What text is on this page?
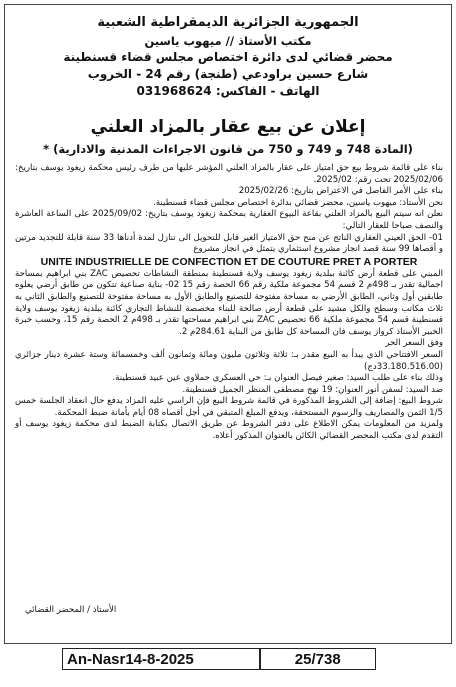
الجمهورية الجزائرية الديمقراطية الشعبية
مكتب الأستاذ // ميهوب ياسين
محضر قضائي لدى دائرة اختصاص مجلس قضاء قسنطينة
شارع حسين براودعي (طنجة) رقم 24 - الخروب
الهاتف - الفاكس: 031968624
إعلان عن بيع عقار بالمزاد العلني
(المادة 748 و 749 و 750 من قانون الاجراءات المدنية والادارية) *

بناء على قائمة شروط بيع حق امتياز على عقار بالمزاد العلني المؤشر عليها من طرف رئيس محكمة زيغود يوسف بتاريخ: 2025/02/06 تحت رقم: 2025/02.

بناء على الأمر الفاصل في الاعتراض بتاريخ: 2025/02/26

نحن الأستاذ: ميهوب ياسين، محضر قضائي بدائرة اختصاص مجلس قضاء قسنطينة.

نعلن انه سيتم البيع بالمزاد العلني بقاعة البيوع العقارية بمحكمة زيغود يوسف بتاريخ: 2025/09/02 على الساعة العاشرة والنصف صباحا للعقار التالي:

01- الحق العيني العقاري الناتج عن منح حق الامتياز الغير قابل للتحويل الى تنازل لمدة أدناها 33 سنة قابلة للتجديد مرتين و أقصاها 99 سنة قصد انجاز مشروع استثماري يتمثل في انجاز مشروع

UNITE INDUSTRIELLE DE CONFECTION ET DE COUTURE PRET A PORTER

المبني على قطعة أرض كائنة ببلدية زيغود يوسف ولاية قسنطينة بمنطقة النشاطات تحصيص ZAC بني ابراهيم بمساحة اجمالية تقدر بـ 498م 2 قسم 54 مجموعة ملكية رقم 66 الحصة رقم 15 02- بناية صناعية تتكون من طابق أرضي يعلوه طابقين أول وثاني، الطابق الأرضي به مساحة مفتوحة للتصنيع والطابق الأول به مساحة مفتوحة للتصنيع والطابق الثاني به ثلاث مكاتب وسطح والكل مشيد على قطعة أرض صالحة للبناء مخصصة للنشاط التجاري كائنة ببلدية زيغود يوسف ولاية قسنطينة قسم 54 مجموعة ملكية 66 تحصيص ZAC بني ابراهيم مساحتها تقدر بـ 498م 2 الحصة رقم 15، وحسب خبرة الخبير الأستاذ كرواز يوسف فان المساحة كل طابق من البناية 284.61م 2.

وفق السعر الحر

السعر الافتتاحي الذي يبدأ به البيع مقدر بـ: ثلاثة وثلاثون مليون ومائة وثمانون ألف وخمسمائة وستة عشرة دينار جزائري (33.180.516.00دج)

وذلك بناء على طلب السيد: صغير فيصل العنوان بـ: حي العسكري حملاوي عين عبيد قسنطينة.

ضد السيد: لسفن أنور العنوان: 19 نهج مصطفى المنظر الجميل قسنطينة.

شروط البيع: إضافة إلى الشروط المذكورة في قائمة شروط البيع فإن الراسي عليه المزاد يدفع حال انعقاد الجلسة خمس 1/5 الثمن والمصاريف والرسوم المستحقة، ويدفع المبلغ المتبقي في أجل أقصاه 08 أيام بأمانة ضبط المحكمة.

ولمزيد من المعلومات يمكن الاطلاع على دفتر الشروط عن طريق الاتصال بكتابة الضبط لدى محكمة زيغود يوسف أو التقدم لدى مكتب المحضر القضائي الكائن بالعنوان المذكور أعلاه.

الأستاذ / المحضر القضائي
An-Nasr14-8-2025	25/738
